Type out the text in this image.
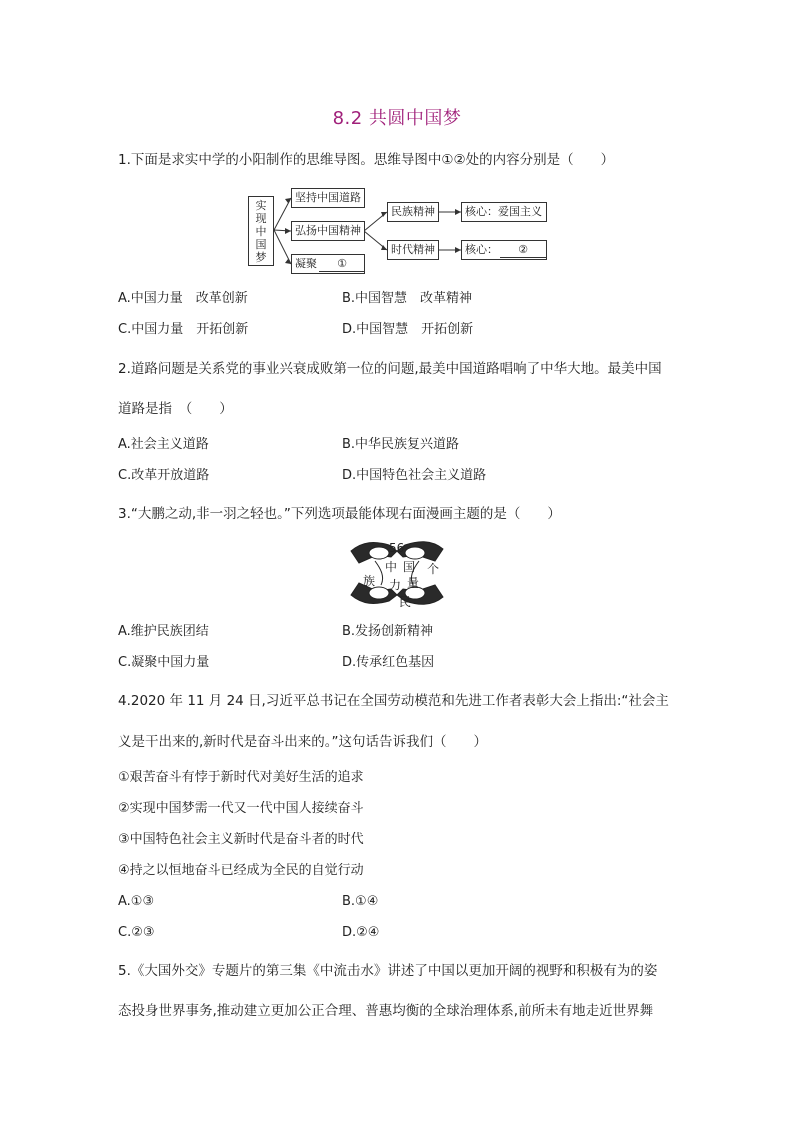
8.2 共圆中国梦
1.下面是求实中学的小阳制作的思维导图。思维导图中①②处的内容分别是（　　）
实
现
中
国
梦
坚持中国道路
弘扬中国精神
凝聚	①
民族精神
时代精神
核心：爱国主义
核心：	②
A.中国力量　改革创新	B.中国智慧　改革精神
C.中国力量　开拓创新	D.中国智慧　开拓创新
2.道路问题是关系党的事业兴衰成败第一位的问题,最美中国道路唱响了中华大地。最美中国
道路是指　（　　）
A.社会主义道路	B.中华民族复兴道路
C.改革开放道路	D.中国特色社会主义道路
3.“大鹏之动,非一羽之轻也。”下列选项最能体现右面漫画主题的是（　　）
56
中 国 个
族 力 量
民
A.维护民族团结	B.发扬创新精神
C.凝聚中国力量	D.传承红色基因
4.2020 年 11 月 24 日,习近平总书记在全国劳动模范和先进工作者表彰大会上指出:“社会主
义是干出来的,新时代是奋斗出来的。”这句话告诉我们（　　）
①艰苦奋斗有悖于新时代对美好生活的追求
②实现中国梦需一代又一代中国人接续奋斗
③中国特色社会主义新时代是奋斗者的时代
④持之以恒地奋斗已经成为全民的自觉行动
A.①③	B.①④
C.②③	D.②④
5.《大国外交》专题片的第三集《中流击水》讲述了中国以更加开阔的视野和积极有为的姿
态投身世界事务,推动建立更加公正合理、普惠均衡的全球治理体系,前所未有地走近世界舞
